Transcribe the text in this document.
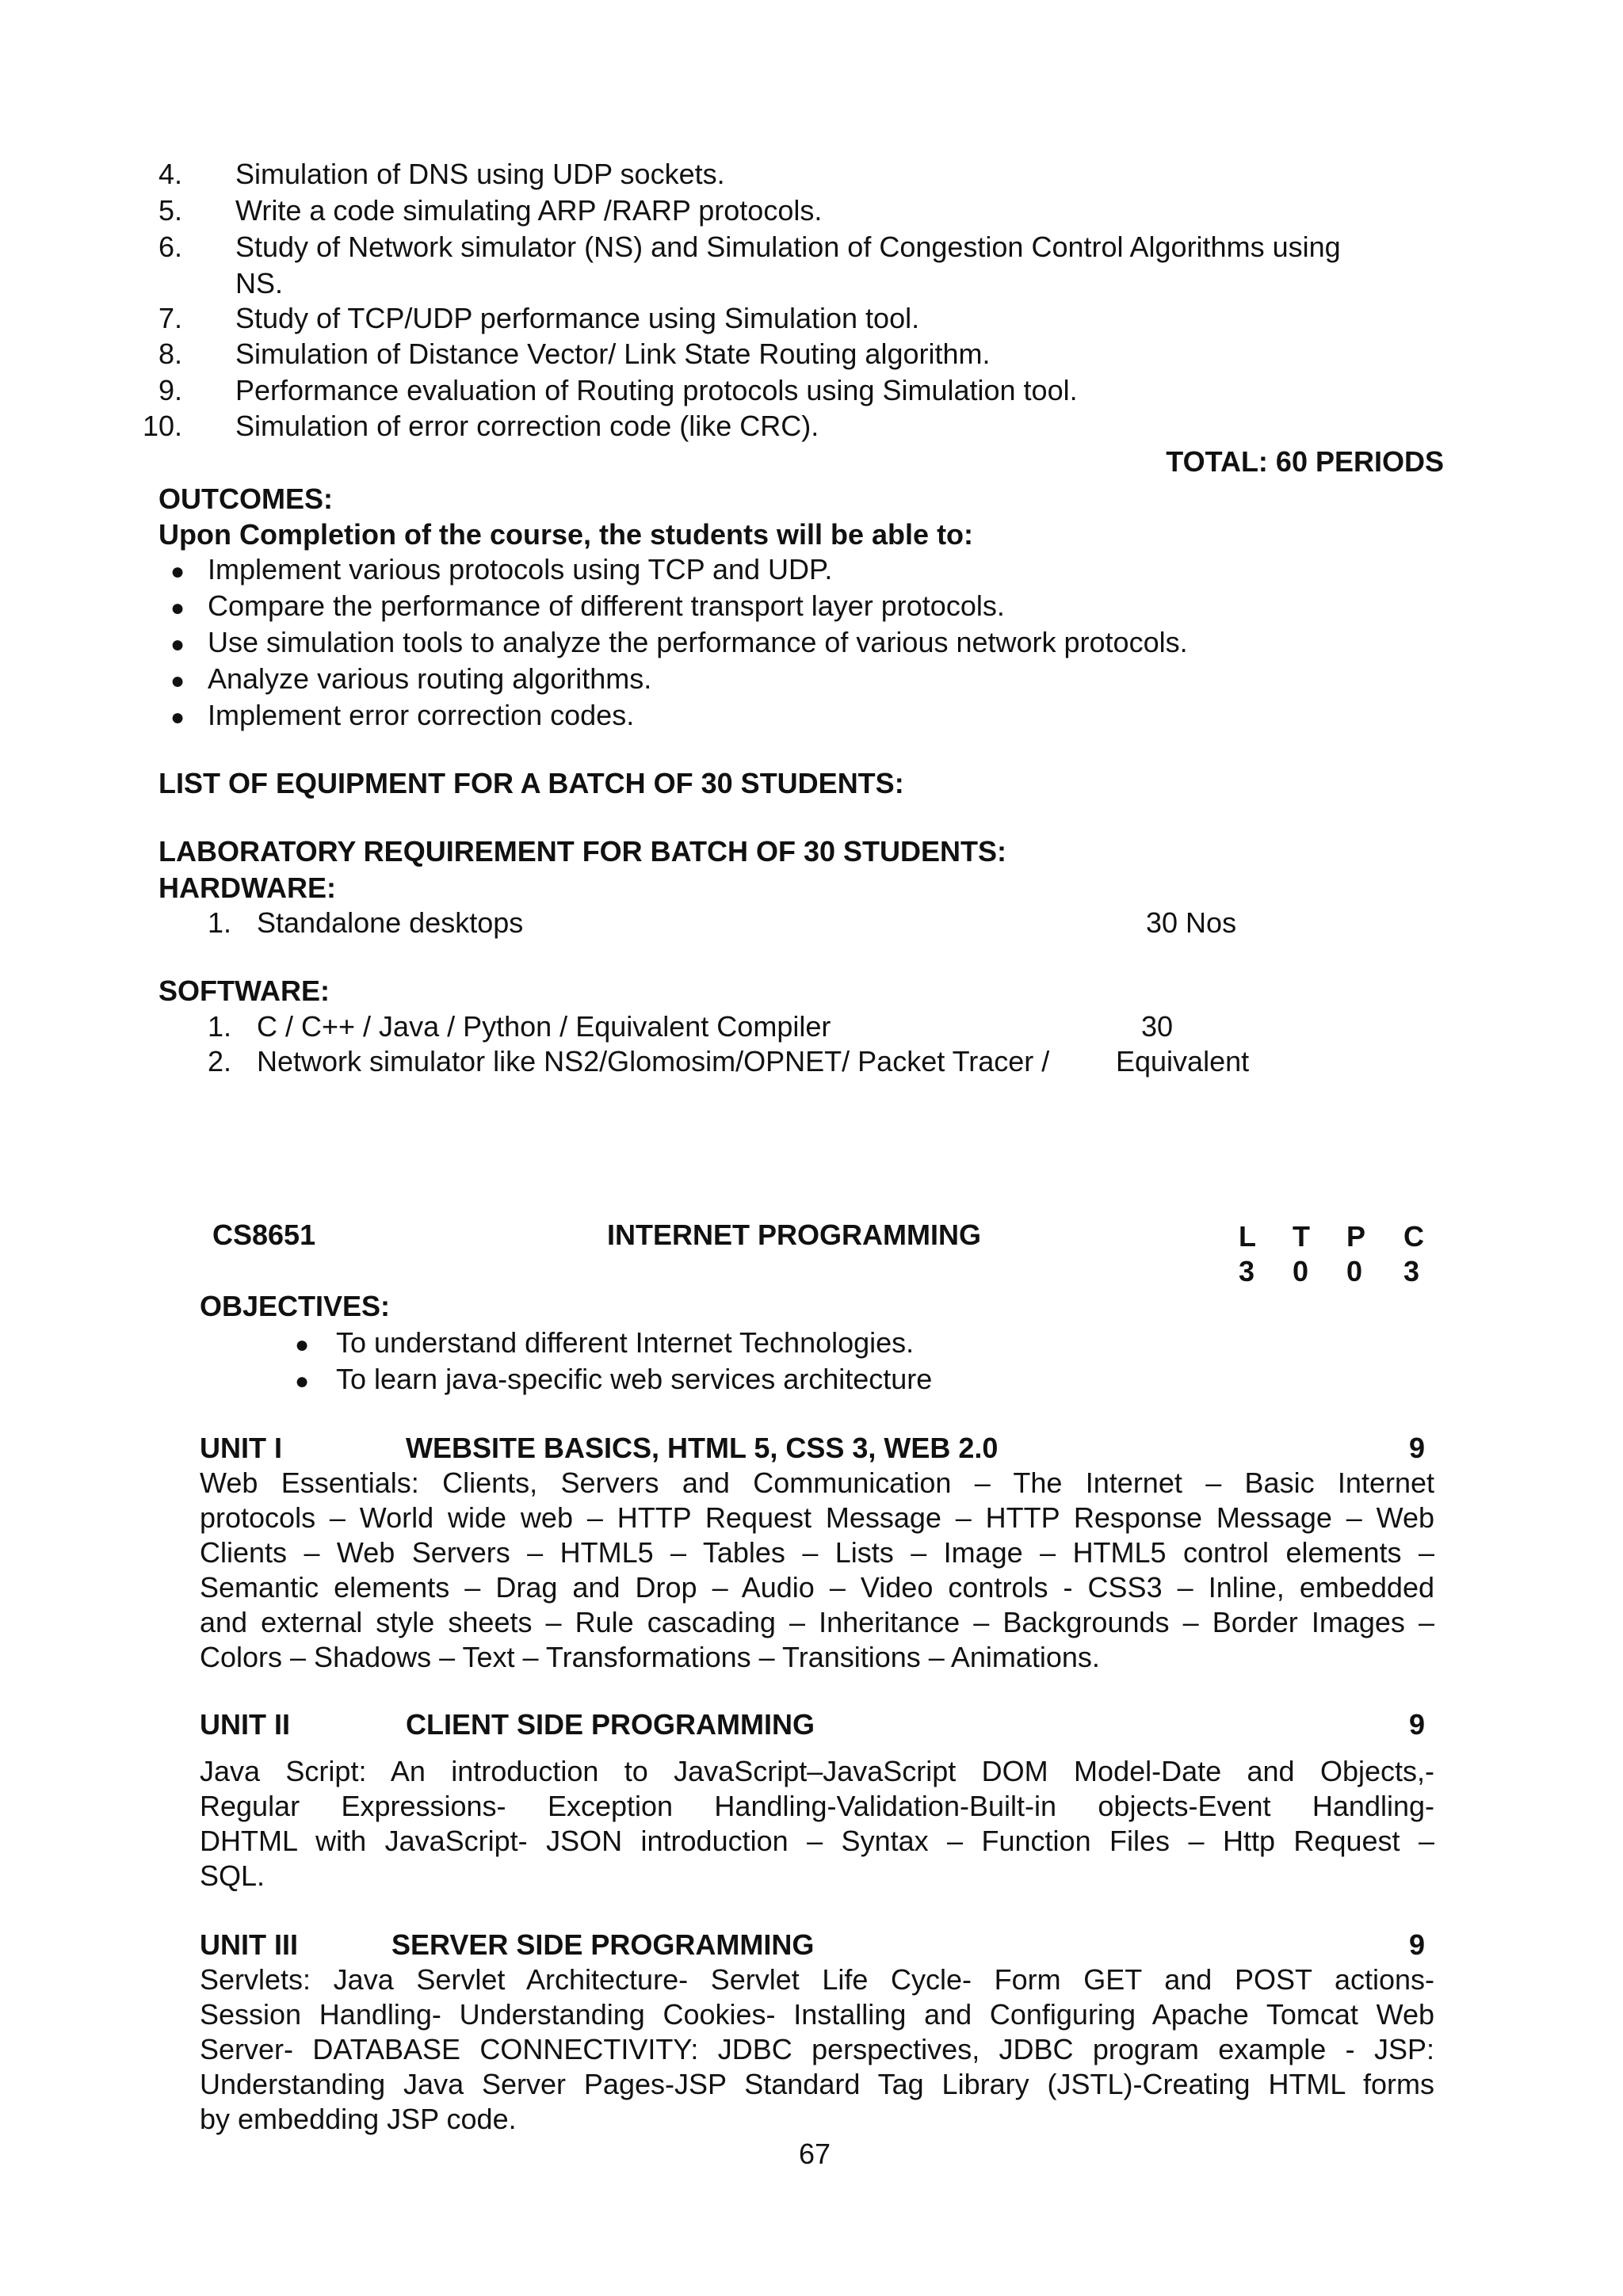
4. Simulation of DNS using UDP sockets.
5. Write a code simulating ARP /RARP protocols.
6. Study of Network simulator (NS) and Simulation of Congestion Control Algorithms using
NS.
7. Study of TCP/UDP performance using Simulation tool.
8. Simulation of Distance Vector/ Link State Routing algorithm.
9. Performance evaluation of Routing protocols using Simulation tool.
10. Simulation of error correction code (like CRC).
TOTAL: 60 PERIODS
OUTCOMES:
Upon Completion of the course, the students will be able to:
● Implement various protocols using TCP and UDP.
● Compare the performance of different transport layer protocols.
● Use simulation tools to analyze the performance of various network protocols.
● Analyze various routing algorithms.
● Implement error correction codes.
LIST OF EQUIPMENT FOR A BATCH OF 30 STUDENTS:
LABORATORY REQUIREMENT FOR BATCH OF 30 STUDENTS:
HARDWARE:
1. Standalone desktops	30 Nos
SOFTWARE:
1. C / C++ / Java / Python / Equivalent Compiler	30
2. Network simulator like NS2/Glomosim/OPNET/ Packet Tracer / Equivalent
CS8651	INTERNET PROGRAMMING	L T P C
3 0 0 3
OBJECTIVES:
● To understand different Internet Technologies.
● To learn java-specific web services architecture
UNIT I	WEBSITE BASICS, HTML 5, CSS 3, WEB 2.0	9
Web Essentials: Clients, Servers and Communication – The Internet – Basic Internet
protocols – World wide web – HTTP Request Message – HTTP Response Message – Web
Clients – Web Servers – HTML5 – Tables – Lists – Image – HTML5 control elements –
Semantic elements – Drag and Drop – Audio – Video controls - CSS3 – Inline, embedded
and external style sheets – Rule cascading – Inheritance – Backgrounds – Border Images –
Colors – Shadows – Text – Transformations – Transitions – Animations.
UNIT II	CLIENT SIDE PROGRAMMING	9
Java Script: An introduction to JavaScript–JavaScript DOM Model-Date and Objects,-
Regular Expressions- Exception Handling-Validation-Built-in objects-Event Handling-
DHTML with JavaScript- JSON introduction – Syntax – Function Files – Http Request –
SQL.
UNIT III	SERVER SIDE PROGRAMMING	9
Servlets: Java Servlet Architecture- Servlet Life Cycle- Form GET and POST actions-
Session Handling- Understanding Cookies- Installing and Configuring Apache Tomcat Web
Server- DATABASE CONNECTIVITY: JDBC perspectives, JDBC program example - JSP:
Understanding Java Server Pages-JSP Standard Tag Library (JSTL)-Creating HTML forms
by embedding JSP code.
67
